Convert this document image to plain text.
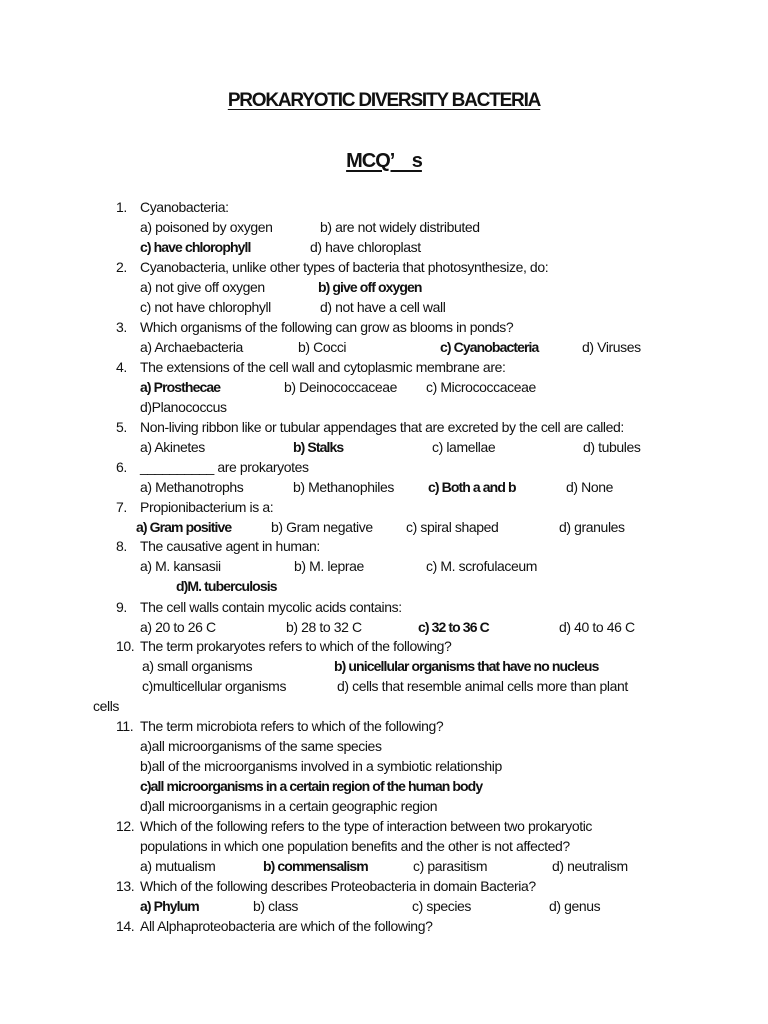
PROKARYOTIC DIVERSITY BACTERIA
MCQ’ s
1. Cyanobacteria:
a) poisoned by oxygen	b) are not widely distributed
c) have chlorophyll	d) have chloroplast
2. Cyanobacteria, unlike other types of bacteria that photosynthesize, do:
a) not give off oxygen	b) give off oxygen
c) not have chlorophyll	d) not have a cell wall
3. Which organisms of the following can grow as blooms in ponds?
a) Archaebacteria	b) Cocci	c) Cyanobacteria	d) Viruses
4. The extensions of the cell wall and cytoplasmic membrane are:
a) Prosthecae	b) Deinococcaceae c) Micrococcaceae
d)Planococcus
5. Non-living ribbon like or tubular appendages that are excreted by the cell are called:
a) Akinetes	b) Stalks	c) lamellae	d) tubules
6. __________ are prokaryotes
a) Methanotrophs	b) Methanophiles c) Both a and b	d) None
7. Propionibacterium is a:
a) Gram positive	b) Gram negative c) spiral shaped	d) granules
8. The causative agent in human:
a) M. kansasii	b) M. leprae	c) M. scrofulaceum
d)M. tuberculosis
9. The cell walls contain mycolic acids contains:
a) 20 to 26 C	b) 28 to 32 C	c) 32 to 36 C	d) 40 to 46 C
10. The term prokaryotes refers to which of the following?
a) small organisms	b) unicellular organisms that have no nucleus
c)multicellular organisms	d) cells that resemble animal cells more than plant
cells
11. The term microbiota refers to which of the following?
a)all microorganisms of the same species
b)all of the microorganisms involved in a symbiotic relationship
c)all microorganisms in a certain region of the human body
d)all microorganisms in a certain geographic region
12. Which of the following refers to the type of interaction between two prokaryotic
populations in which one population benefits and the other is not affected?
a) mutualism	b) commensalism	c) parasitism	d) neutralism
13. Which of the following describes Proteobacteria in domain Bacteria?
a) Phylum	b) class	c) species	d) genus
14. All Alphaproteobacteria are which of the following?
